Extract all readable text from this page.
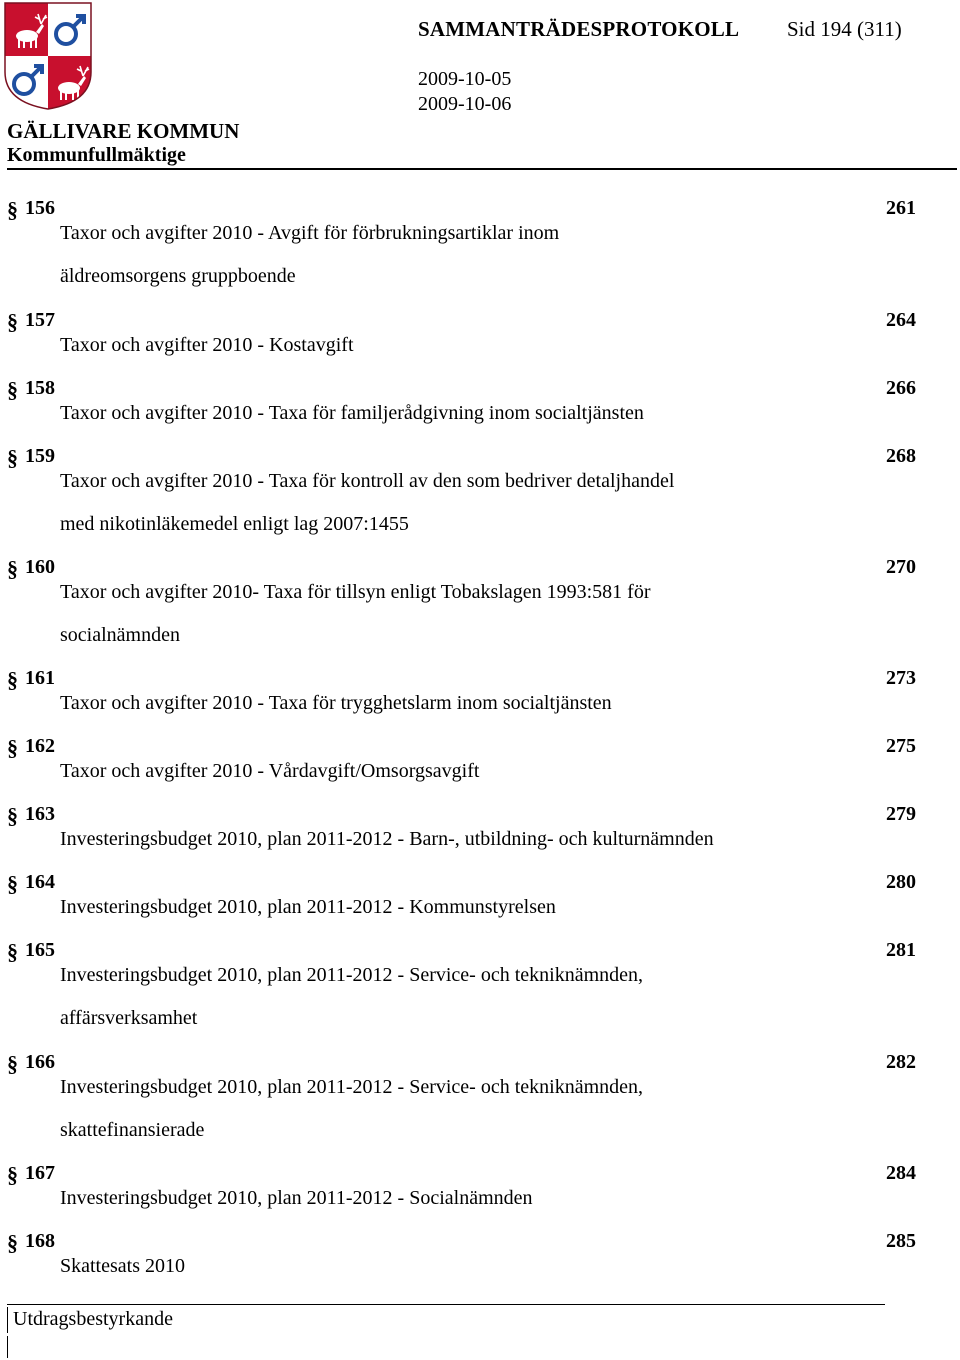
SAMMANTRÄDESPROTOKOLL Sid 194 (311)
2009-10-05
2009-10-06
GÄLLIVARE KOMMUN
Kommunfullmäktige
§ 156	261
Taxor och avgifter 2010 - Avgift för förbrukningsartiklar inom
äldreomsorgens gruppboende
§ 157	264
Taxor och avgifter 2010 - Kostavgift
§ 158	266
Taxor och avgifter 2010 - Taxa för familjerådgivning inom socialtjänsten
§ 159	268
Taxor och avgifter 2010 - Taxa för kontroll av den som bedriver detaljhandel
med nikotinläkemedel enligt lag 2007:1455
§ 160	270
Taxor och avgifter 2010- Taxa för tillsyn enligt Tobakslagen 1993:581 för
socialnämnden
§ 161	273
Taxor och avgifter 2010 - Taxa för trygghetslarm inom socialtjänsten
§ 162	275
Taxor och avgifter 2010 - Vårdavgift/Omsorgsavgift
§ 163	279
Investeringsbudget 2010, plan 2011-2012 - Barn-, utbildning- och kulturnämnden
§ 164	280
Investeringsbudget 2010, plan 2011-2012 - Kommunstyrelsen
§ 165	281
Investeringsbudget 2010, plan 2011-2012 - Service- och tekniknämnden,
affärsverksamhet
§ 166	282
Investeringsbudget 2010, plan 2011-2012 - Service- och tekniknämnden,
skattefinansierade
§ 167	284
Investeringsbudget 2010, plan 2011-2012 - Socialnämnden
§ 168	285
Skattesats 2010
Utdragsbestyrkande
